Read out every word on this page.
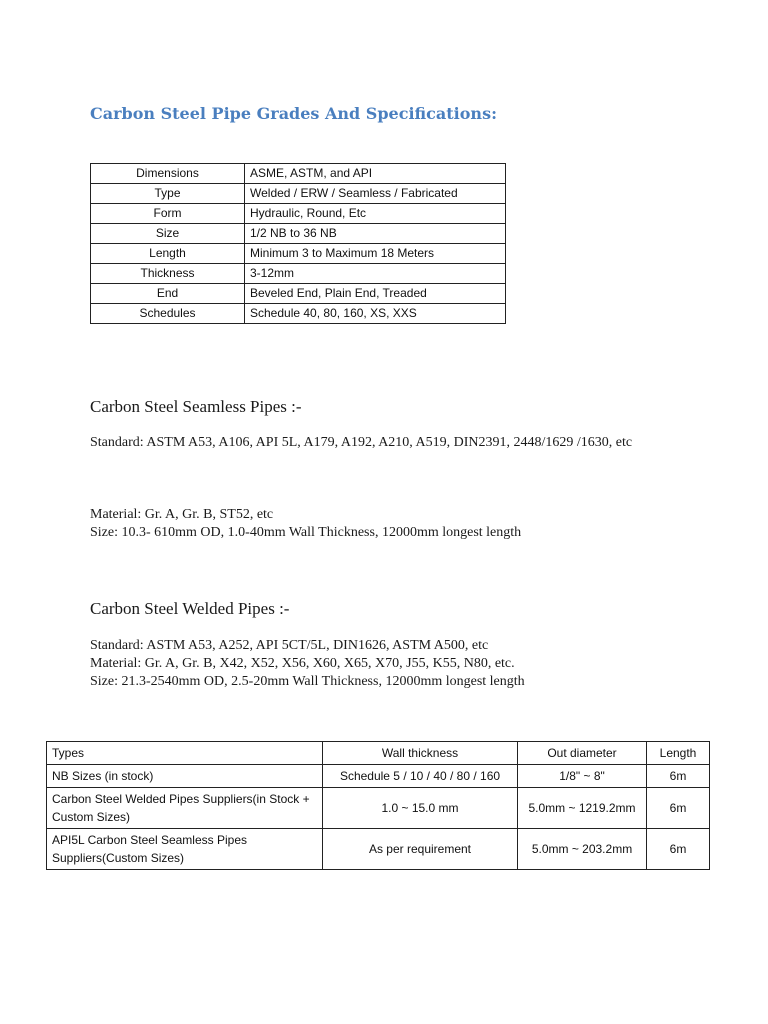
Carbon Steel Pipe Grades And Specifications:
Dimensions	ASME, ASTM, and API
Type	Welded / ERW / Seamless / Fabricated
Form	Hydraulic, Round, Etc
Size	1/2 NB to 36 NB
Length	Minimum 3 to Maximum 18 Meters
Thickness	3-12mm
End	Beveled End, Plain End, Treaded
Schedules	Schedule 40, 80, 160, XS, XXS
Carbon Steel Seamless Pipes :-

Standard: ASTM A53, A106, API 5L, A179, A192, A210, A519, DIN2391, 2448/1629 /1630, etc

Material: Gr. A, Gr. B, ST52, etc

Size: 10.3- 610mm OD, 1.0-40mm Wall Thickness, 12000mm longest length

Carbon Steel Welded Pipes :-

Standard: ASTM A53, A252, API 5CT/5L, DIN1626, ASTM A500, etc

Material: Gr. A, Gr. B, X42, X52, X56, X60, X65, X70, J55, K55, N80, etc.

Size: 21.3-2540mm OD, 2.5-20mm Wall Thickness, 12000mm longest length

Types	Wall thickness	Out diameter	Length
NB Sizes (in stock)	Schedule 5 / 10 / 40 / 80 / 160	1/8" ~ 8"	6m
Carbon Steel Welded Pipes Suppliers(in Stock + Custom Sizes)	1.0 ~ 15.0 mm	5.0mm ~ 1219.2mm	6m
API5L Carbon Steel Seamless Pipes Suppliers(Custom Sizes)	As per requirement	5.0mm ~ 203.2mm	6m
